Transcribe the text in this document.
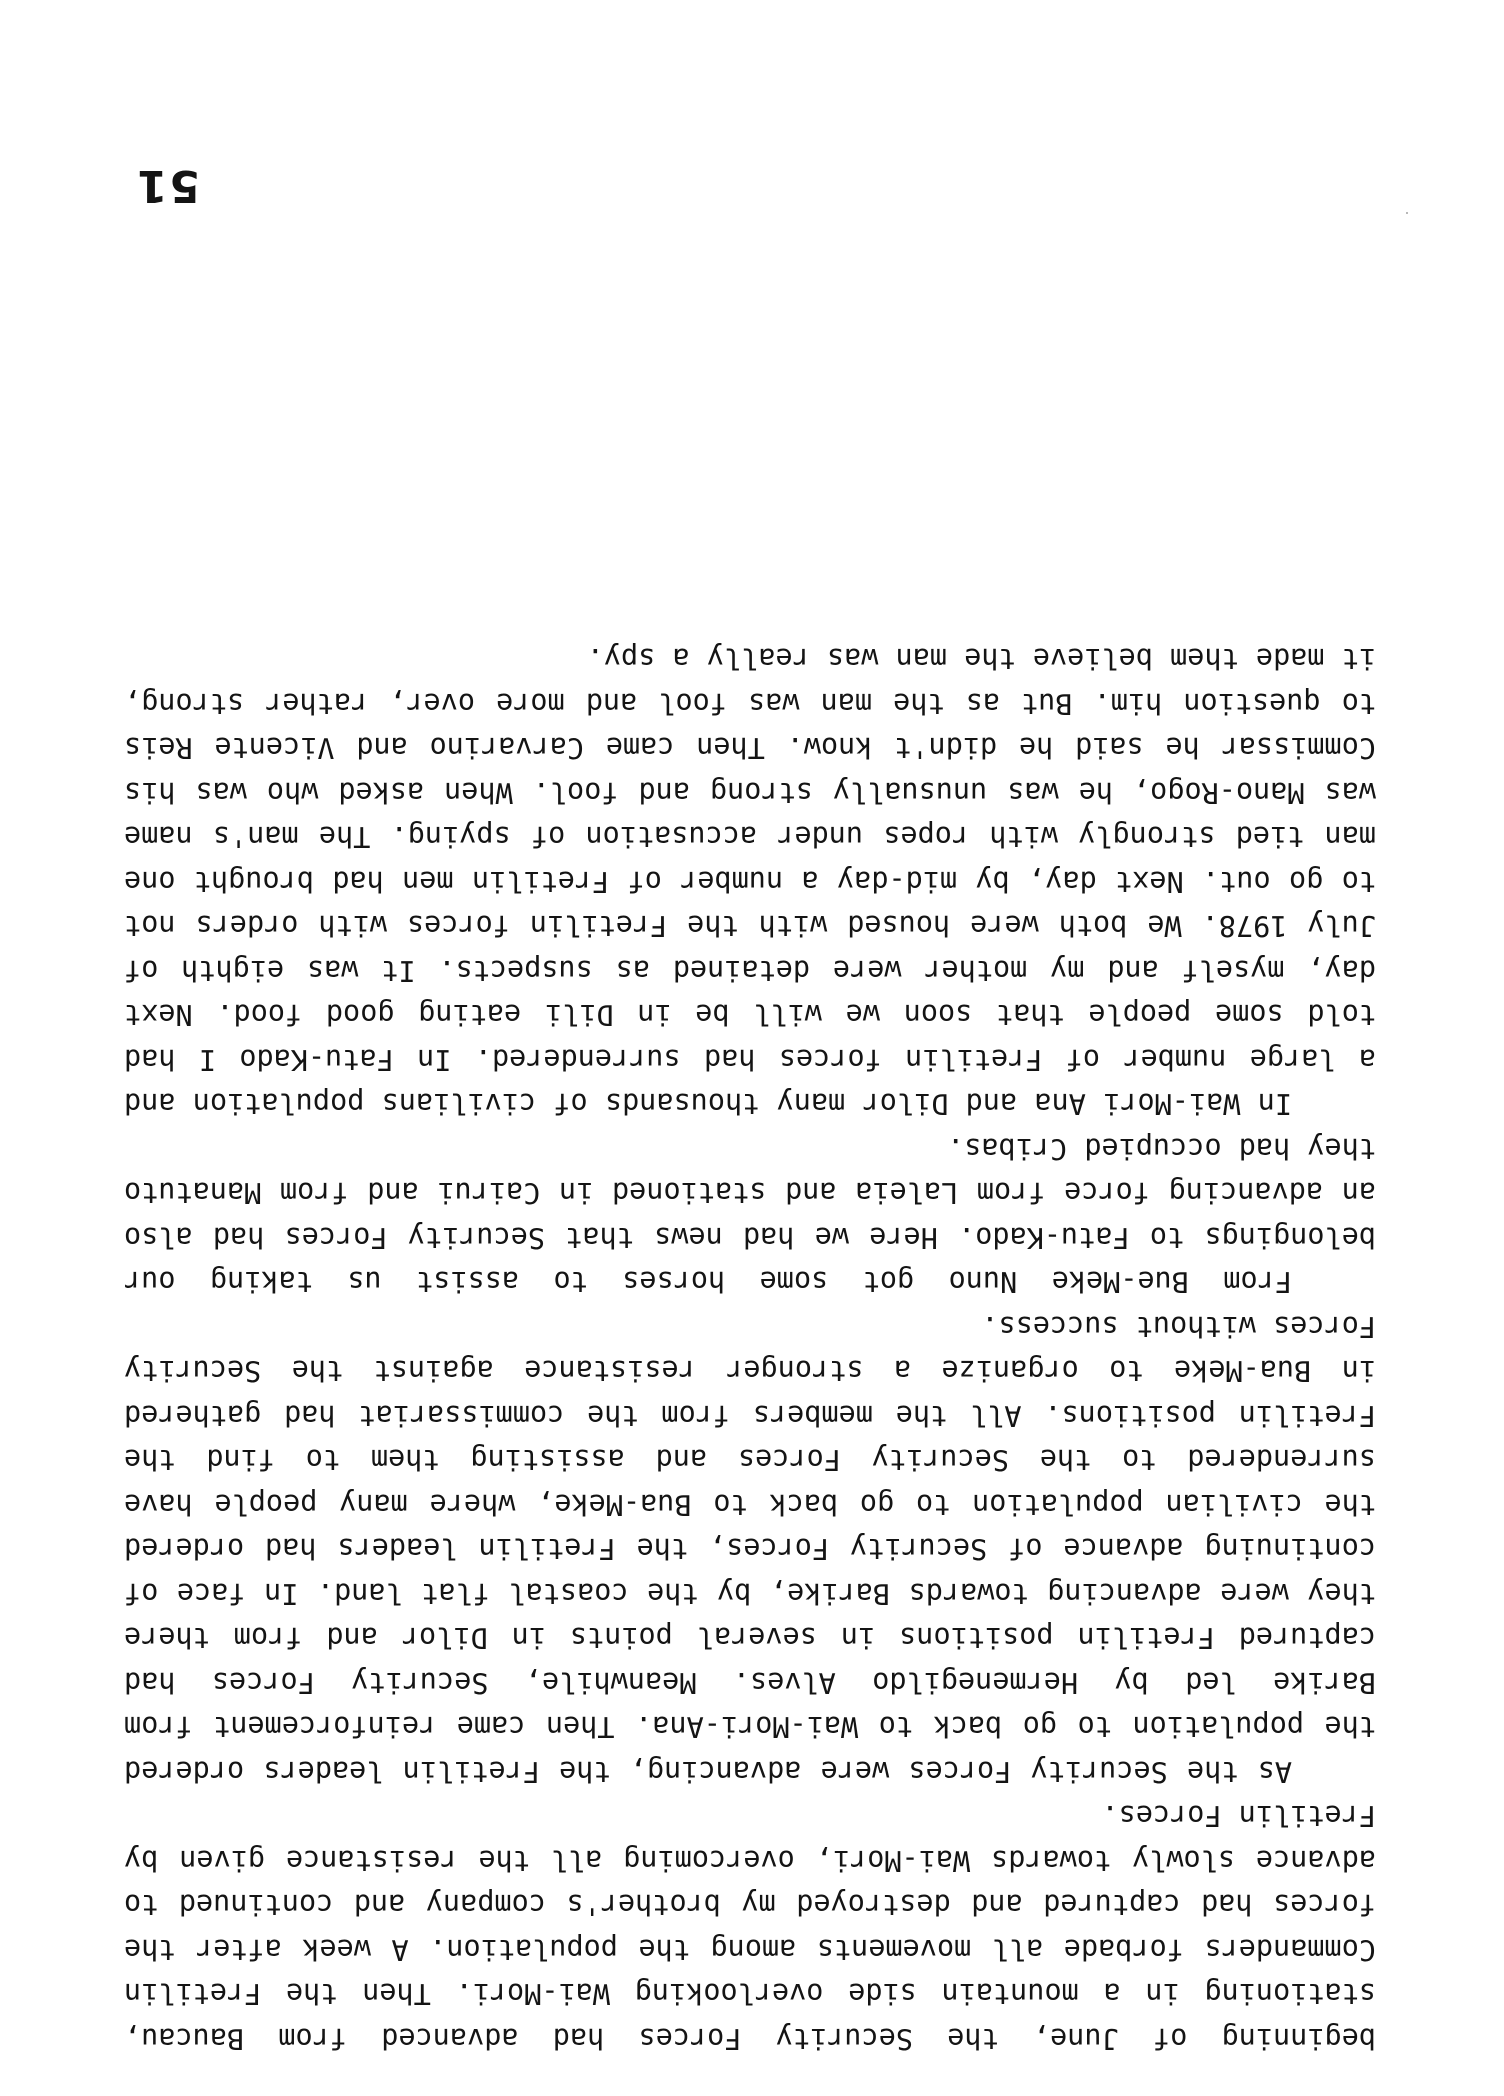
beginning of June, the Security Forces had advanced from Baucau, stationing in a mountain side overlooking Wai-Mori. Then the Fretilin Commanders forbade all movements among the population. A week after the forces had captured and destroyed my brother's company and continued to advance slowly towards Wai-Mori, overcoming all the resistance given by Fretilin Forces.

As the Security Forces were advancing, the Fretilin leaders ordered the population to go back to Wai-Mori-Ana. Then came reinforcement from Barike led by Hermenegildo Alves. Meanwhile, Security Forces had captured Fretilin positions in several points in Dilor and from there they were advancing towards Barike, by the coastal flat land. In face of continuing advance of Security Forces, the Fretilin leaders had ordered the civilian population to go back to Bua-Meke, where many people have surrendered to the Security Forces and assisting them to find the Fretilin positions. All the members from the commissariat had gathered in Bua-Meke to organize a stronger resistance against the Security Forces without success.

From Bue-Meke Nuno got some horses to assist us taking our belongings to Fatu-Kado. Here we had news that Security Forces had also an advancing force from Laleia and stationed in Cairui and from Manatuto they had occupied Cribas.

In Wai-Mori Ana and Dilor many thousands of civilians population and a large number of Fretilin forces had surrendered. In Fatu-Kado I had told some people that soon we will be in Dili eating good food. Next day, myself and my mother were detained as suspects. It was eighth of July 1978. We both were housed with the Fretilin forces with orders not to go out. Next day, by mid-day a number of Fretilin men had brought one man tied strongly with ropes under accusation of spying. The man's name was Mano-Rogo, he was unusually strong and fool. When asked who was his Commissar he said he didn't know. Then came Carvarino and Vicente Reis to question him. But as the man was fool and more over, rather strong, it made them believe the man was really a spy.

51
